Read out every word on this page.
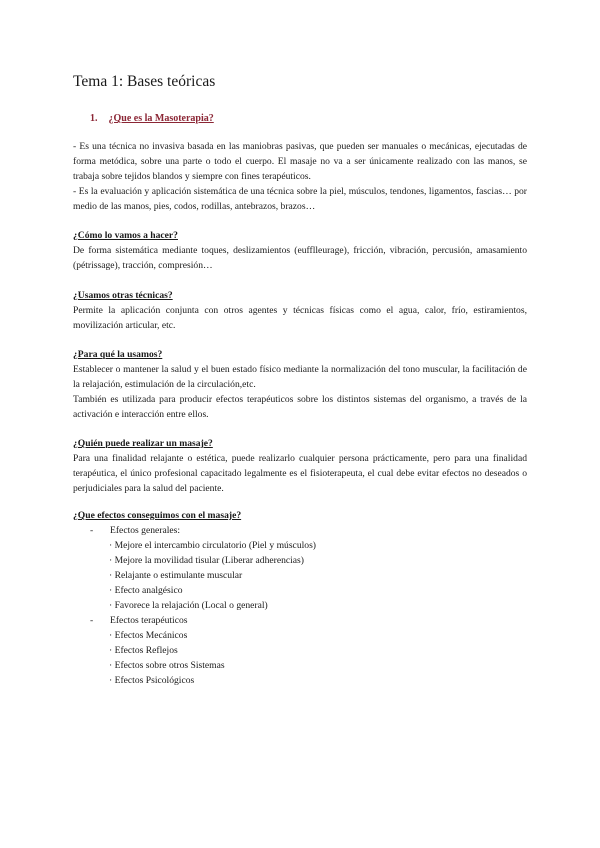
Tema 1: Bases teóricas
1. ¿Que es la Masoterapia?

- Es una técnica no invasiva basada en las maniobras pasivas, que pueden ser manuales o mecánicas, ejecutadas de forma metódica, sobre una parte o todo el cuerpo. El masaje no va a ser únicamente realizado con las manos, se trabaja sobre tejidos blandos y siempre con fines terapéuticos.

- Es la evaluación y aplicación sistemática de una técnica sobre la piel, músculos, tendones, ligamentos, fascias… por medio de las manos, pies, codos, rodillas, antebrazos, brazos…

¿Cómo lo vamos a hacer?

De forma sistemática mediante toques, deslizamientos (eufflleurage), fricción, vibración, percusión, amasamiento (pétrissage), tracción, compresión…

¿Usamos otras técnicas?

Permite la aplicación conjunta con otros agentes y técnicas físicas como el agua, calor, frío, estiramientos, movilización articular, etc.

¿Para qué la usamos?

Establecer o mantener la salud y el buen estado físico mediante la normalización del tono muscular, la facilitación de la relajación, estimulación de la circulación,etc.

También es utilizada para producir efectos terapéuticos sobre los distintos sistemas del organismo, a través de la activación e interacción entre ellos.

¿Quién puede realizar un masaje?

Para una finalidad relajante o estética, puede realizarlo cualquier persona prácticamente, pero para una finalidad terapéutica, el único profesional capacitado legalmente es el fisioterapeuta, el cual debe evitar efectos no deseados o perjudiciales para la salud del paciente.

¿Que efectos conseguimos con el masaje?

- Efectos generales:

· Mejore el intercambio circulatorio (Piel y músculos)

· Mejore la movilidad tisular (Liberar adherencias)

· Relajante o estimulante muscular

· Efecto analgésico

· Favorece la relajación (Local o general)

- Efectos terapéuticos

· Efectos Mecánicos

· Efectos Reflejos

· Efectos sobre otros Sistemas

· Efectos Psicológicos
